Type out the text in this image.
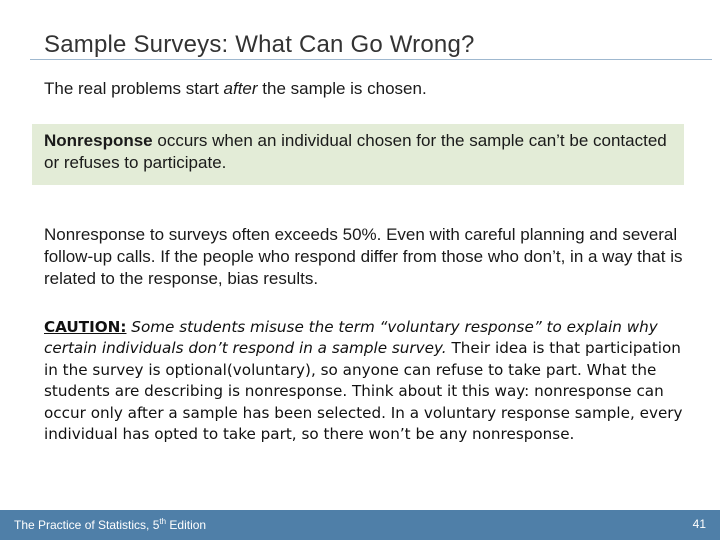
Sample Surveys: What Can Go Wrong?
The real problems start after the sample is chosen.
Nonresponse occurs when an individual chosen for the sample can’t be contacted or refuses to participate.
Nonresponse to surveys often exceeds 50%. Even with careful planning and several follow-up calls. If the people who respond differ from those who don’t, in a way that is related to the response, bias results.
CAUTION: Some students misuse the term “voluntary response” to explain why certain individuals don’t respond in a sample survey. Their idea is that participation in the survey is optional(voluntary), so anyone can refuse to take part. What the students are describing is nonresponse. Think about it this way: nonresponse can occur only after a sample has been selected. In a voluntary response sample, every individual has opted to take part, so there won’t be any nonresponse.
The Practice of Statistics, 5th Edition	41
